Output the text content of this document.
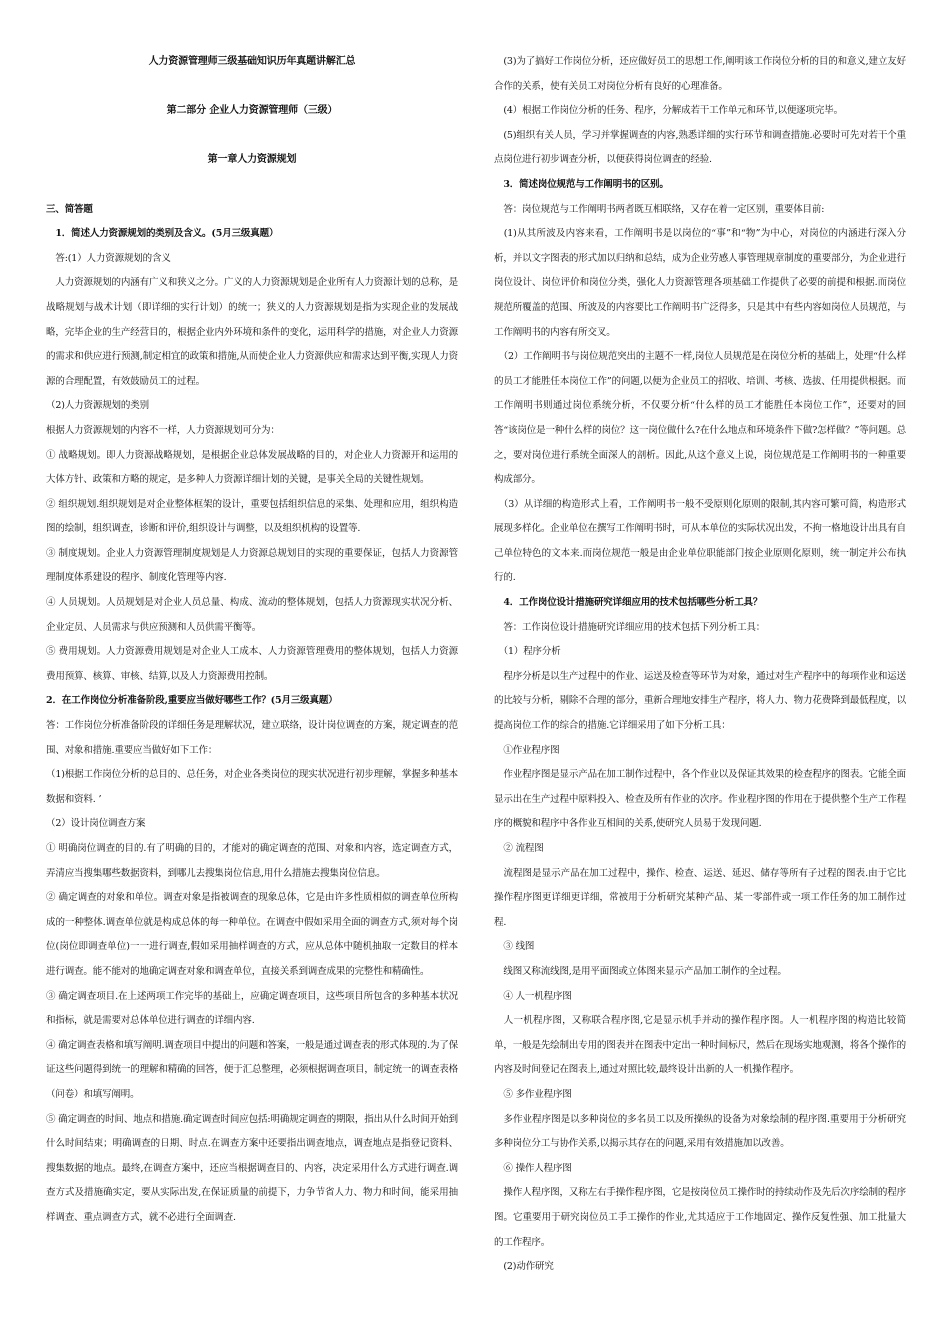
人力资源管理师三级基础知识历年真题讲解汇总

第二部分 企业人力资源管理师（三级）

第一章人力资源规划

三、简答题

　1．简述人力资源规划的类别及含义。(5月三级真题）

　答:(1）人力资源规划的含义

　人力资源规划的内涵有广义和狭义之分。广义的人力资源规划是企业所有人力资源计划的总称，是战略规划与战术计划（即详细的实行计划）的统一；狭义的人力资源规划是指为实现企业的发展战略，完毕企业的生产经营目的，根据企业内外环境和条件的变化，运用科学的措施，对企业人力资源的需求和供应进行预测,制定相宜的政策和措施,从而使企业人力资源供应和需求达到平衡,实现人力资源的合理配置，有效鼓励员工的过程。

（2)人力资源规划的类别

根据人力资源规划的内容不一样，人力资源规划可分为：

① 战略规划。即人力资源战略规划，是根据企业总体发展战略的目的，对企业人力资源开和运用的大体方针、政策和方略的规定，是多种人力资源详细计划的关键，是事关全局的关键性规划。

② 组织规划.组织规划是对企业整体框架的设计，重要包括组织信息的采集、处理和应用，组织构造图的绘制，组织调查，诊断和评价,组织设计与调整，以及组织机构的设置等.

③ 制度规划。企业人力资源管理制度规划是人力资源总规划目的实现的重要保证，包括人力资源管理制度体系建设的程序、制度化管理等内容.

④ 人员规划。人员规划是对企业人员总量、构成、流动的整体规划，包括人力资源现实状况分析、企业定员、人员需求与供应预测和人员供需平衡等。

⑤ 费用规划。人力资源费用规划是对企业人工成本、人力资源管理费用的整体规划，包括人力资源费用预算、核算、审核、结算,以及人力资源费用控制。

2．在工作岗位分析准备阶段,重要应当做好哪些工作？(5月三级真题）

答：工作岗位分析准备阶段的详细任务是理解状况，建立联络，设计岗位调查的方案，规定调查的范围、对象和措施.重要应当做好如下工作：

（1)根据工作岗位分析的总目的、总任务，对企业各类岗位的现实状况进行初步理解，掌握多种基本数据和资料. ’

（2）设计岗位调查方案

① 明确岗位调查的目的.有了明确的目的，才能对的确定调查的范围、对象和内容，选定调查方式，弄清应当搜集哪些数据资料，到哪儿去搜集岗位信息,用什么措施去搜集岗位信息。

② 确定调查的对象和单位。调查对象是指被调查的现象总体，它是由许多性质相似的调查单位所构成的一种整体.调查单位就是构成总体的每一种单位。在调查中假如采用全面的调查方式,须对每个岗位(岗位即调查单位)一一进行调查,假如采用抽样调查的方式，应从总体中随机抽取一定数目的样本进行调查。能不能对的地确定调查对象和调查单位，直接关系到调查成果的完整性和精确性。

③ 确定调查项目.在上述两项工作完毕的基础上，应确定调查项目，这些项目所包含的多种基本状况和指标，就是需要对总体单位进行调查的详细内容.

④ 确定调查表格和填写阐明.调查项目中提出的问题和答案，一般是通过调查表的形式体现的.为了保证这些问题得到统一的理解和精确的回答，便于汇总整理，必须根据调查项目，制定统一的调查表格（问卷）和填写阐明。

⑤ 确定调查的时间、地点和措施.确定调查时间应包括:明确规定调查的期限，指出从什么时间开始到什么时间结束；明确调查的日期、时点.在调查方案中还要指出调查地点，调查地点是指登记资料、搜集数据的地点。最终,在调查方案中，还应当根据调查目的、内容，决定采用什么方式进行调查.调查方式及措施确实定，要从实际出发,在保证质量的前提下，力争节省人力、物力和时间，能采用抽样调查、重点调查方式，就不必进行全面调查.

　(3)为了搞好工作岗位分析，还应做好员工的思想工作,阐明该工作岗位分析的目的和意义,建立友好合作的关系，使有关员工对岗位分析有良好的心理准备。

　(4）根据工作岗位分析的任务、程序，分解成若干工作单元和环节,以便逐项完毕。

　(5)组织有关人员，学习并掌握调查的内容,熟悉详细的实行环节和调查措施.必要时可先对若干个重点岗位进行初步调查分析，以便获得岗位调查的经验.

　3．简述岗位规范与工作阐明书的区别。

　答：岗位规范与工作阐明书两者既互相联络，又存在着一定区别，重要体目前:

　(1)从其所波及内容来看，工作阐明书是以岗位的“事”和“物”为中心，对岗位的内涵进行深入分析，并以文字图表的形式加以归纳和总结，成为企业劳感人事管理规章制度的重要部分，为企业进行岗位设计、岗位评价和岗位分类，强化人力资源管理各项基础工作提供了必要的前提和根据.而岗位规范所覆盖的范围、所波及的内容要比工作阐明书广泛得多，只是其中有些内容如岗位人员规范，与工作阐明书的内容有所交叉。

　（2）工作阐明书与岗位规范突出的主题不一样,岗位人员规范是在岗位分析的基础上，处理“什么样的员工才能胜任本岗位工作”的问题,以便为企业员工的招收、培训、考核、选拔、任用提供根据。而工作阐明书则通过岗位系统分析，不仅要分析“什么样的员工才能胜任本岗位工作”，还要对的回答“该岗位是一种什么样的岗位？这一岗位做什么?在什么地点和环境条件下做?怎样做？”等问题。总之，要对岗位进行系统全面深人的剖析。因此,从这个意义上说，岗位规范是工作阐明书的一种重要构成部分。

　（3）从详细的构造形式上看，工作阐明书一般不受原则化原则的限制,其内容可繁可简，构造形式展现多样化。企业单位在撰写工作阐明书时，可从本单位的实际状况出发，不拘一格地设计出具有自己单位特色的文本来.而岗位规范一般是由企业单位职能部门按企业原则化原则，统一制定并公布执行的.

　4．工作岗位设计措施研究详细应用的技术包括哪些分析工具？

　答：工作岗位设计措施研究详细应用的技术包括下列分析工具：

　（1）程序分析

　程序分析是以生产过程中的作业、运送及检查等环节为对象，通过对生产程序中的每项作业和运送的比较与分析，剔除不合理的部分，重新合理地安排生产程序，将人力、物力花费降到最低程度，以提高岗位工作的综合的措施.它详细采用了如下分析工具：

　①作业程序图

　作业程序图是显示产品在加工制作过程中，各个作业以及保证其效果的检查程序的图表。它能全面显示出在生产过程中原料投入、检查及所有作业的次序。作业程序图的作用在于提供整个生产工作程序的概貌和程序中各作业互相间的关系,使研究人员易于发现问题.

　② 流程图

　流程图是显示产品在加工过程中，操作、检查、运送、延迟、储存等所有子过程的图表.由于它比操作程序图更详细更详细，常被用于分析研究某种产品、某一零部件或一项工作任务的加工制作过程.

　③ 线图

　线图又称流线图,是用平面图或立体图来显示产品加工制作的全过程。

　④ 人一机程序图

　人一机程序图，又称联合程序图,它是显示机手并动的操作程序图。人一机程序图的构造比较简单，一般是先绘制出专用的图表并在图表中定出一种时间标尺，然后在现场实地观测，将各个操作的内容及时间登记在图表上,通过对照比较,最终设计出新的人一机操作程序。

　⑤ 多作业程序图

　多作业程序图是以多种岗位的多名员工以及所操纵的设备为对象绘制的程序图.重要用于分析研究多种岗位分工与协作关系,以揭示其存在的问题,采用有效措施加以改善。

　⑥ 操作人程序图

　操作人程序图，又称左右手操作程序图，它是按岗位员工操作时的持续动作及先后次序绘制的程序图。它重要用于研究岗位员工手工操作的作业,尤其适应于工作地固定、操作反复性强、加工批量大的工作程序。

　(2)动作研究
